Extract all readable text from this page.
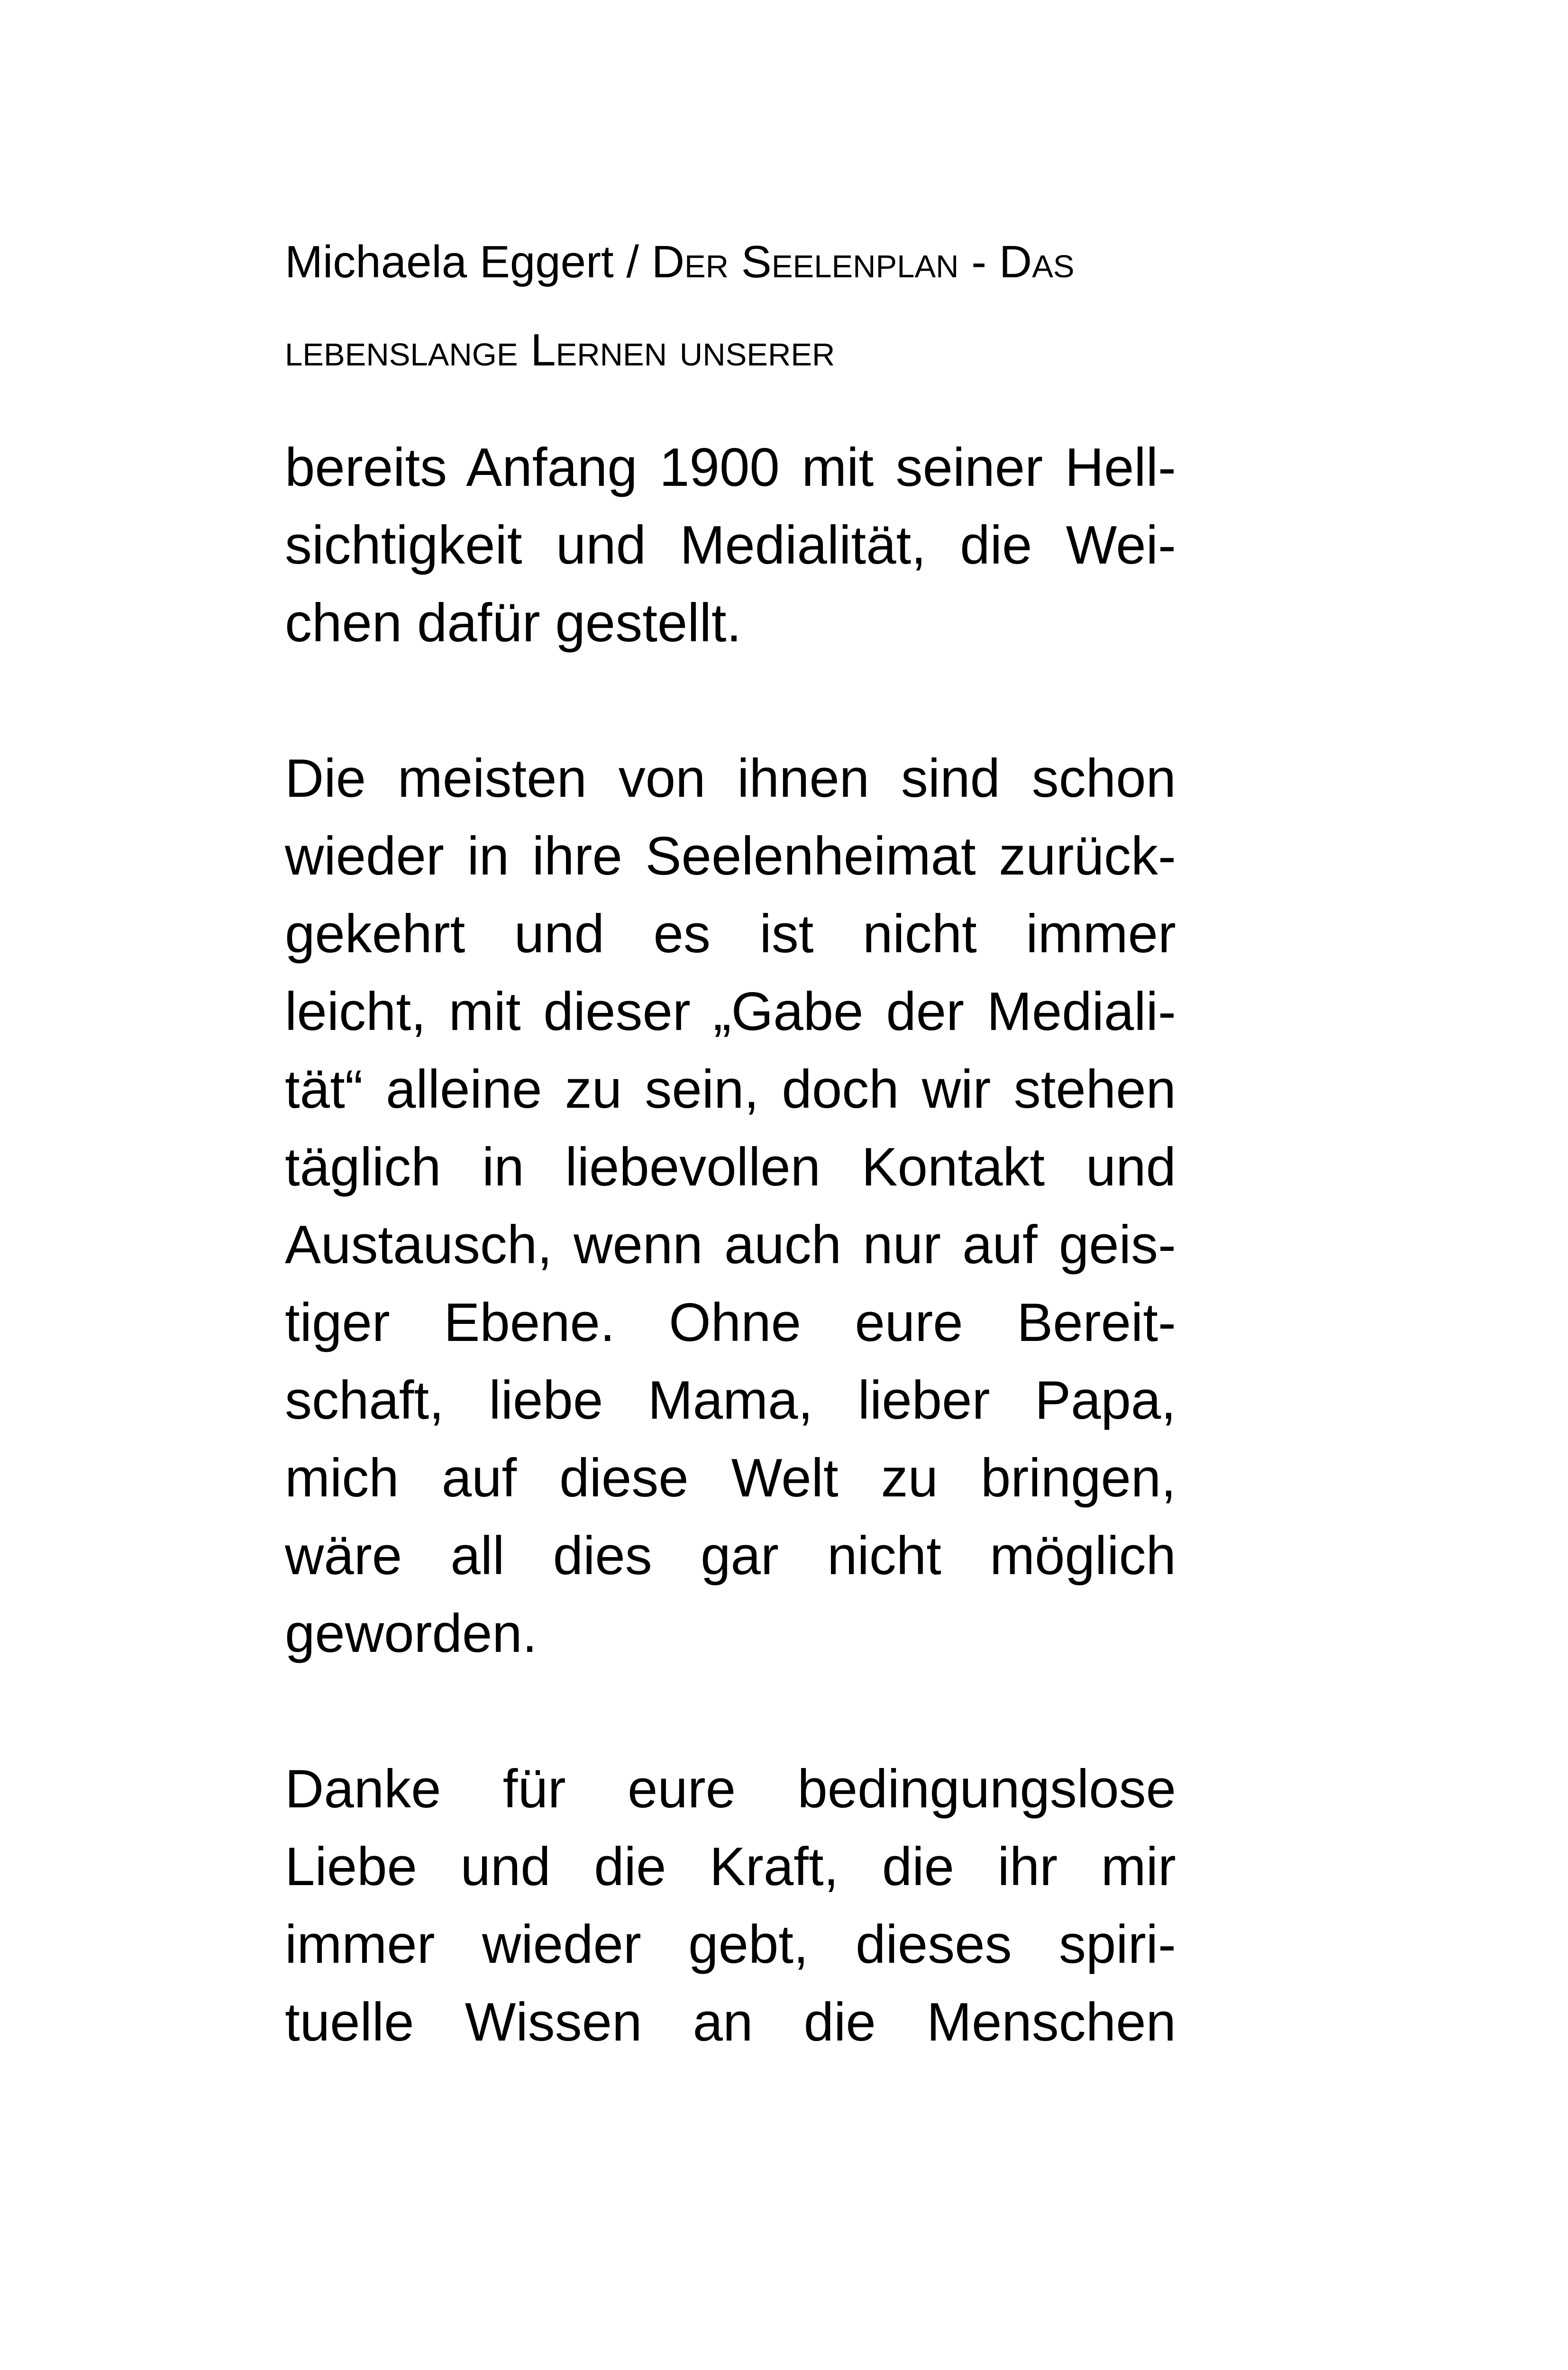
Michaela Eggert / Der Seelenplan - Das
lebenslange Lernen unserer
bereits Anfang 1900 mit seiner Hell-
sichtigkeit und Medialität, die Wei-
chen dafür gestellt.
Die meisten von ihnen sind schon
wieder in ihre Seelenheimat zurück-
gekehrt und es ist nicht immer
leicht, mit dieser „Gabe der Mediali-
tät“ alleine zu sein, doch wir stehen
täglich in liebevollen Kontakt und
Austausch, wenn auch nur auf geis-
tiger Ebene. Ohne eure Bereit-
schaft, liebe Mama, lieber Papa,
mich auf diese Welt zu bringen,
wäre all dies gar nicht möglich
geworden.
Danke für eure bedingungslose
Liebe und die Kraft, die ihr mir
immer wieder gebt, dieses spiri-
tuelle Wissen an die Menschen
